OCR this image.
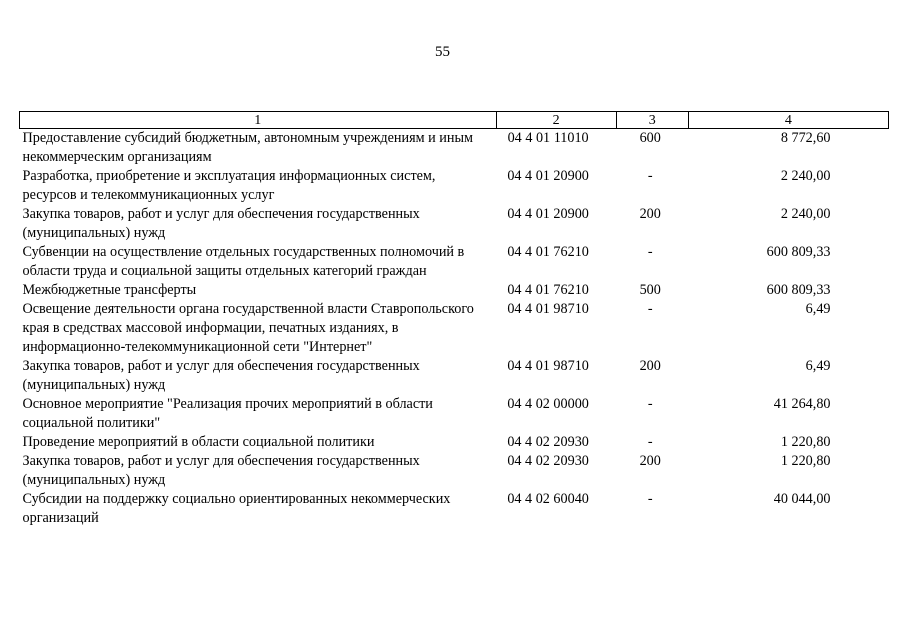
55
1	2	3	4
Предоставление субсидий бюджетным, автономным учреждениям и иным некоммерческим организациям	04 4 01 11010	600	8 772,60
Разработка, приобретение и эксплуатация информационных систем, ресурсов и телекоммуникационных услуг	04 4 01 20900	-	2 240,00
Закупка товаров, работ и услуг для обеспечения государственных (муниципальных) нужд	04 4 01 20900	200	2 240,00
Субвенции на осуществление отдельных государственных полномочий в области труда и социальной защиты отдельных категорий граждан	04 4 01 76210	-	600 809,33
Межбюджетные трансферты	04 4 01 76210	500	600 809,33
Освещение деятельности органа государственной власти Ставропольского края в средствах массовой информации, печатных изданиях, в информационно-телекоммуникационной сети "Интернет"	04 4 01 98710	-	6,49
Закупка товаров, работ и услуг для обеспечения государственных (муниципальных) нужд	04 4 01 98710	200	6,49
Основное мероприятие "Реализация прочих мероприятий в области социальной политики"	04 4 02 00000	-	41 264,80
Проведение мероприятий в области социальной политики	04 4 02 20930	-	1 220,80
Закупка товаров, работ и услуг для обеспечения государственных (муниципальных) нужд	04 4 02 20930	200	1 220,80
Субсидии на поддержку социально ориентированных некоммерческих организаций	04 4 02 60040	-	40 044,00
